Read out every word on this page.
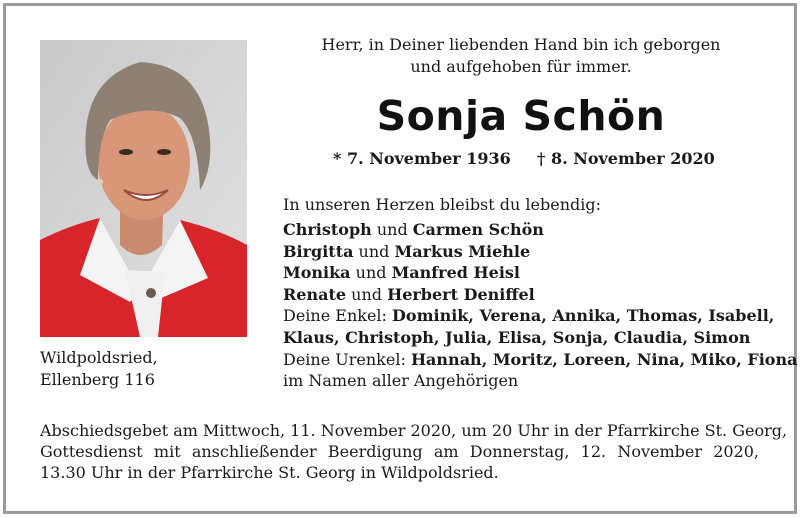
Wildpoldsried,
Ellenberg 116
Herr, in Deiner liebenden Hand bin ich geborgen
und aufgehoben für immer.
Sonja Schön
* 7. November 1936 † 8. November 2020
In unseren Herzen bleibst du lebendig:
Christoph und Carmen Schön
Birgitta und Markus Miehle
Monika und Manfred Heisl
Renate und Herbert Deniffel
Deine Enkel: Dominik, Verena, Annika, Thomas, Isabell,
Klaus, Christoph, Julia, Elisa, Sonja, Claudia, Simon
Deine Urenkel: Hannah, Moritz, Loreen, Nina, Miko, Fiona
im Namen aller Angehörigen
Abschiedsgebet am Mittwoch, 11. November 2020, um 20 Uhr in der Pfarrkirche St. Georg,
Gottesdienst mit anschließender Beerdigung am Donnerstag, 12. November 2020,
13.30 Uhr in der Pfarrkirche St. Georg in Wildpoldsried.
